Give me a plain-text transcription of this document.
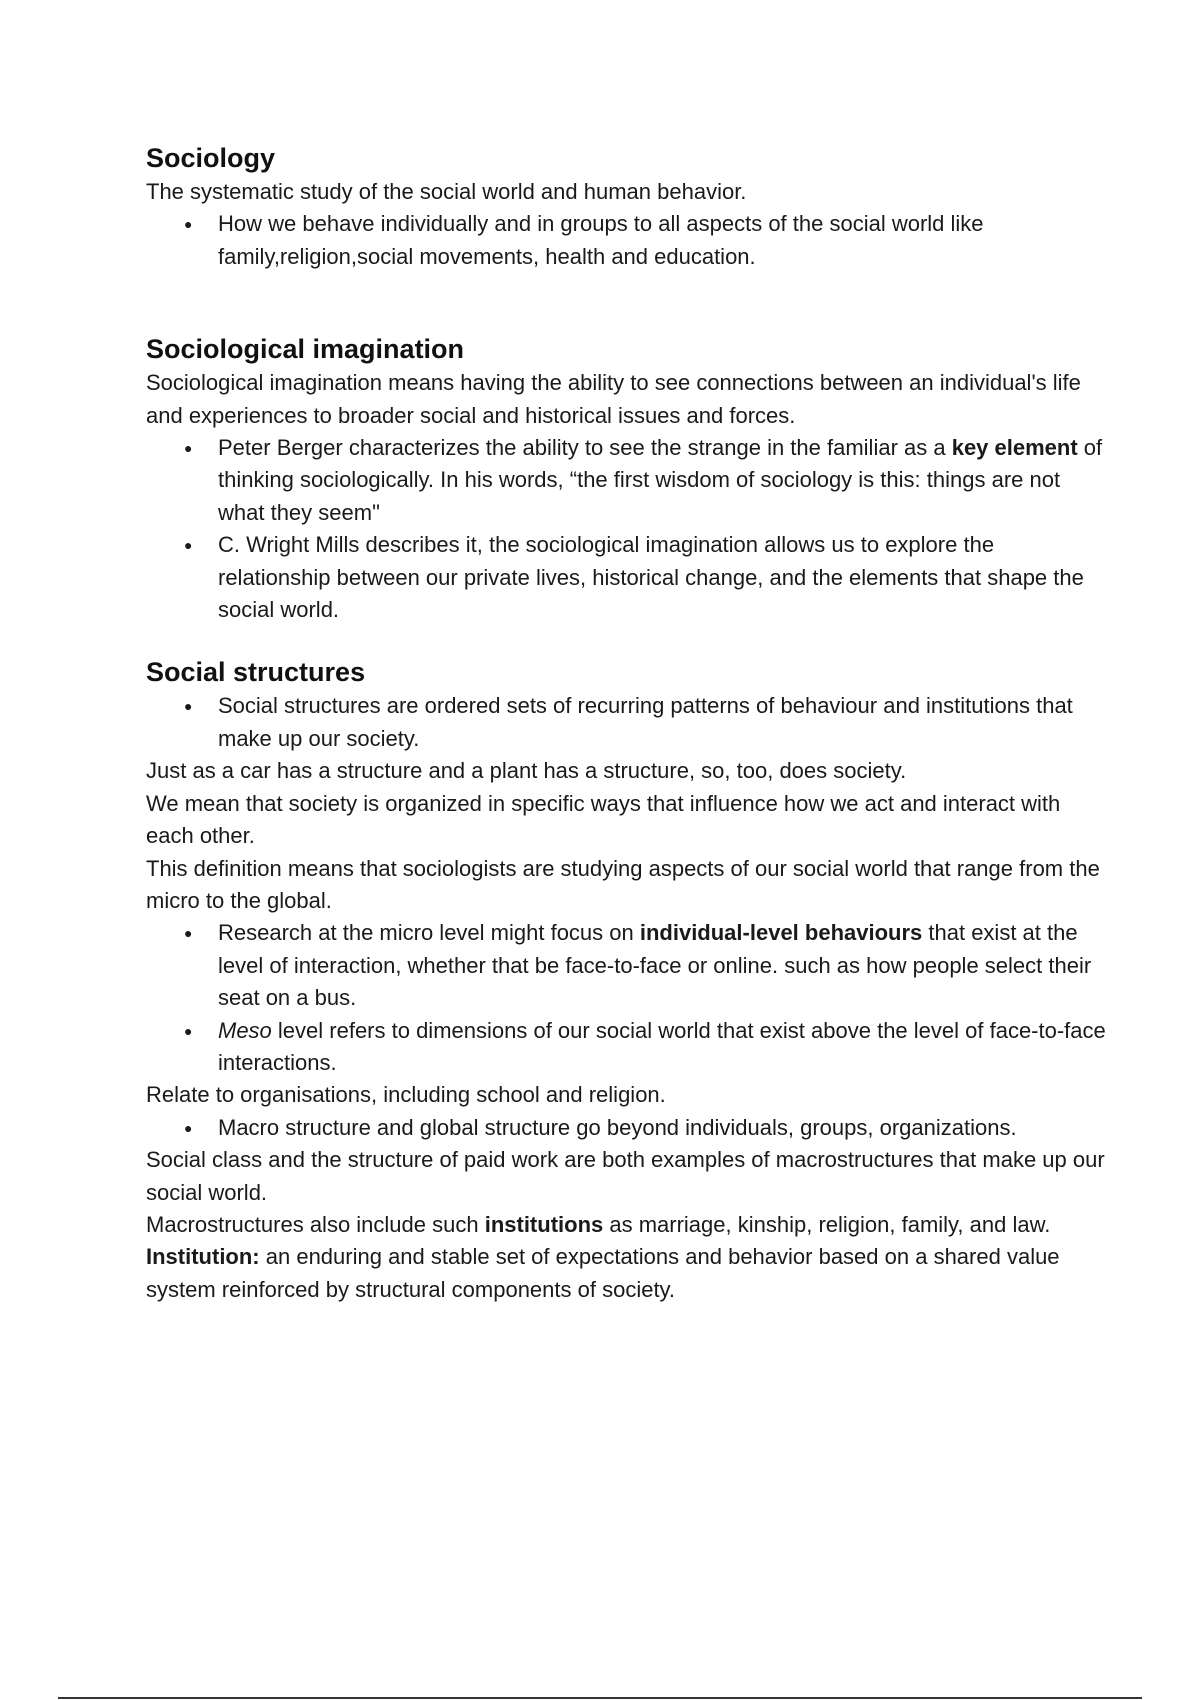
Sociology

The systematic study of the social world and human behavior.

● How we behave individually and in groups to all aspects of the social world like family,religion,social movements, health and education.
Sociological imagination

Sociological imagination means having the ability to see connections between an individual's life and experiences to broader social and historical issues and forces.

● Peter Berger characterizes the ability to see the strange in the familiar as a key element of thinking sociologically. In his words, “the first wisdom of sociology is this: things are not what they seem"
● C. Wright Mills describes it, the sociological imagination allows us to explore the relationship between our private lives, historical change, and the elements that shape the social world.
Social structures
● Social structures are ordered sets of recurring patterns of behaviour and institutions that make up our society.

Just as a car has a structure and a plant has a structure, so, too, does society.

We mean that society is organized in specific ways that influence how we act and interact with each other.

This definition means that sociologists are studying aspects of our social world that range from the micro to the global.

● Research at the micro level might focus on individual-level behaviours that exist at the level of interaction, whether that be face-to-face or online. such as how people select their seat on a bus.
● Meso level refers to dimensions of our social world that exist above the level of face-to-face interactions.

Relate to organisations, including school and religion.

● Macro structure and global structure go beyond individuals, groups, organizations.

Social class and the structure of paid work are both examples of macrostructures that make up our social world.

Macrostructures also include such institutions as marriage, kinship, religion, family, and law.

Institution: an enduring and stable set of expectations and behavior based on a shared value system reinforced by structural components of society.
